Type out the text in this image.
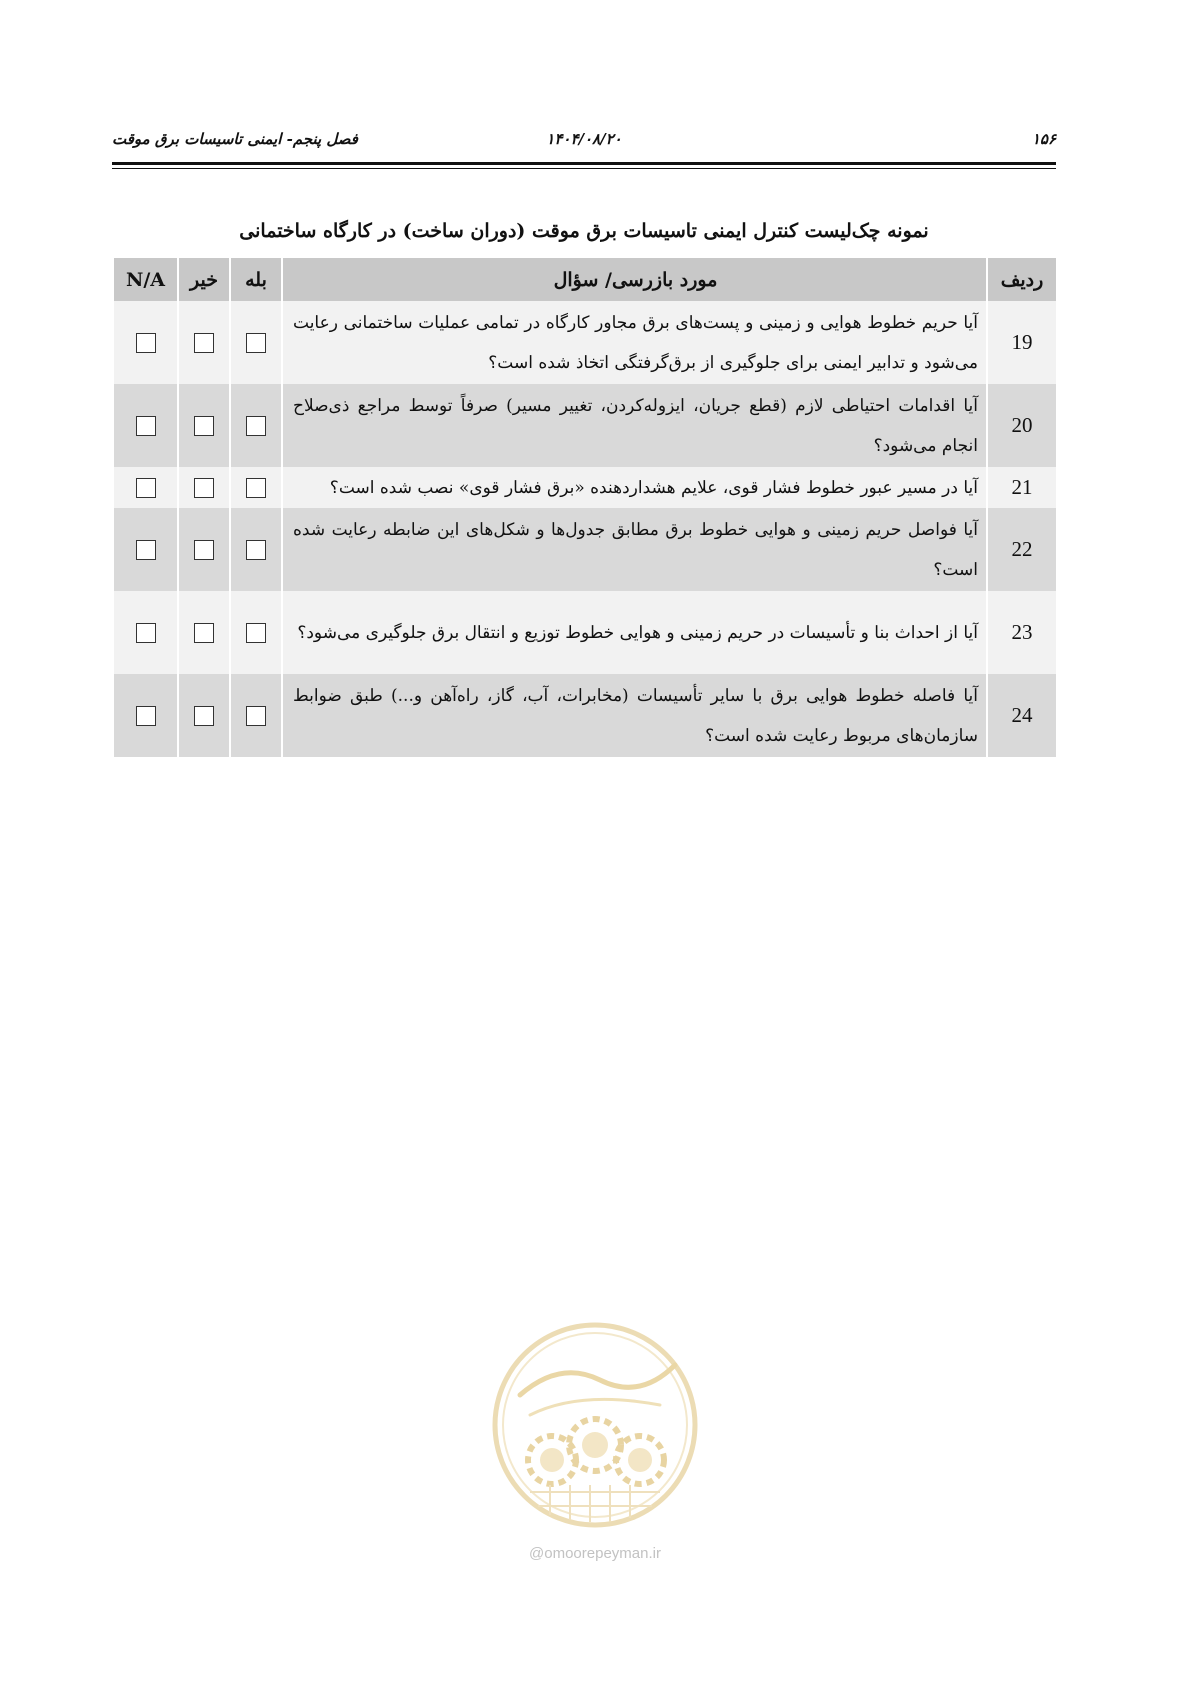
۱۵۶
۱۴۰۴/۰۸/۲۰
فصل پنجم- ایمنی تاسیسات برق موقت
نمونه چک‌لیست کنترل ایمنی تاسیسات برق موقت (دوران ساخت) در کارگاه ساختمانی
ردیف
مورد بازرسی/ سؤال
بله
خیر
N/A
19
آیا حریم خطوط هوایی و زمینی و پست‌های برق مجاور کارگاه در تمامی عملیات ساختمانی رعایت می‌شود و تدابیر ایمنی برای جلوگیری از برق‌گرفتگی اتخاذ شده است؟
20
آیا اقدامات احتیاطی لازم (قطع جریان، ایزوله‌کردن، تغییر مسیر) صرفاً توسط مراجع ذی‌صلاح انجام می‌شود؟
21
آیا در مسیر عبور خطوط فشار قوی، علایم هشداردهنده «برق فشار قوی» نصب شده است؟
22
آیا فواصل حریم زمینی و هوایی خطوط برق مطابق جدول‌ها و شکل‌های این ضابطه رعایت شده است؟
23
آیا از احداث بنا و تأسیسات در حریم زمینی و هوایی خطوط توزیع و انتقال برق جلوگیری می‌شود؟
24
آیا فاصله خطوط هوایی برق با سایر تأسیسات (مخابرات، آب، گاز، راه‌آهن و...) طبق ضوابط سازمان‌های مربوط رعایت شده است؟
@omoorepeyman.ir
